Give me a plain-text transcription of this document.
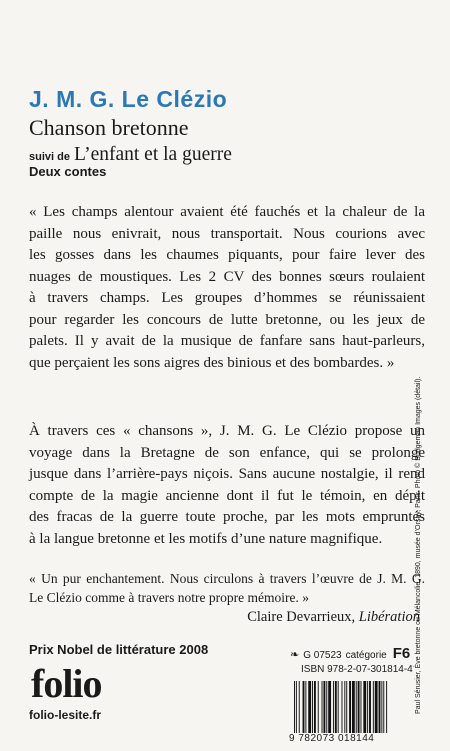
J. M. G. Le Clézio
Chanson bretonne
suivi de L’enfant et la guerre
Deux contes
« Les champs alentour avaient été fauchés et la chaleur de la
paille nous enivrait, nous transportait. Nous courions avec
les gosses dans les chaumes piquants, pour faire lever des
nuages de moustiques. Les 2 CV des bonnes sœurs roulaient
à travers champs. Les groupes d’hommes se réunissaient
pour regarder les concours de lutte bretonne, ou les jeux de
palets. Il y avait de la musique de fanfare sans haut-parleurs,
que perçaient les sons aigres des binious et des bombardes. »
À travers ces « chansons », J. M. G. Le Clézio propose un
voyage dans la Bretagne de son enfance, qui se prolonge
jusque dans l’arrière-pays niçois. Sans aucune nostalgie, il rend
compte de la magie ancienne dont il fut le témoin, en dépit
des fracas de la guerre toute proche, par les mots empruntés
à la langue bretonne et les motifs d’une nature magnifique.
« Un pur enchantement. Nous circulons à travers l’œuvre de J. M. G.
Le Clézio comme à travers notre propre mémoire. »
Claire Devarrieux, Libération
Prix Nobel de littérature 2008
folio
folio-lesite.fr
❧ G 07523 catégorie F6
ISBN 978-2-07-301814-4
9 782073 018144
Paul Sérusier, Ève bretonne ou Mélancolie, 1890, musée d’Orsay, Paris. Photo © Bridgeman Images (détail).
